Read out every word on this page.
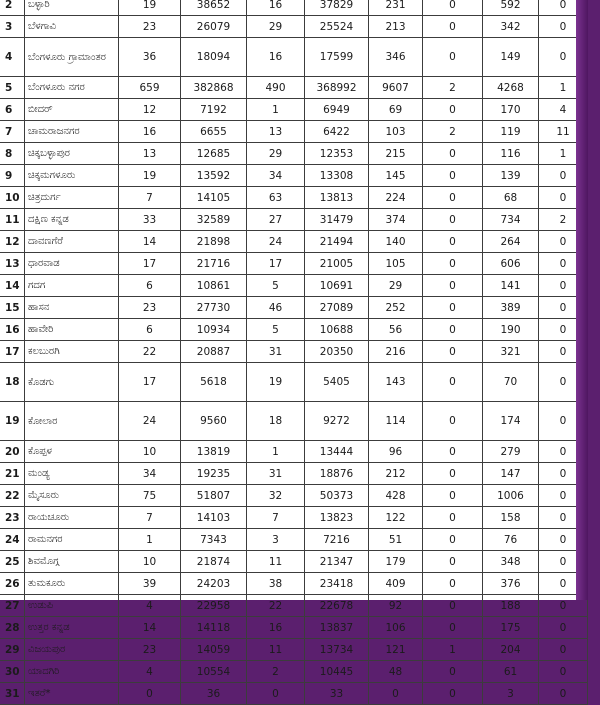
2	ಬಳ್ಳಾರಿ	19	38652	16	37829	231	0	592	0
3	ಬೆಳಗಾವಿ	23	26079	29	25524	213	0	342	0
4	ಬೆಂಗಳೂರು ಗ್ರಾಮಾಂತರ	36	18094	16	17599	346	0	149	0
5	ಬೆಂಗಳೂರು ನಗರ	659	382868	490	368992	9607	2	4268	1
6	ಬೀದರ್	12	7192	1	6949	69	0	170	4
7	ಚಾಮರಾಜನಗರ	16	6655	13	6422	103	2	119	11
8	ಚಿಕ್ಕಬಳ್ಳಾಪುರ	13	12685	29	12353	215	0	116	1
9	ಚಿಕ್ಕಮಗಳೂರು	19	13592	34	13308	145	0	139	0
10	ಚಿತ್ರದುರ್ಗ	7	14105	63	13813	224	0	68	0
11	ದಕ್ಷಿಣ ಕನ್ನಡ	33	32589	27	31479	374	0	734	2
12	ದಾವಣಗೆರೆ	14	21898	24	21494	140	0	264	0
13	ಧಾರವಾಡ	17	21716	17	21005	105	0	606	0
14	ಗದಗ	6	10861	5	10691	29	0	141	0
15	ಹಾಸನ	23	27730	46	27089	252	0	389	0
16	ಹಾವೇರಿ	6	10934	5	10688	56	0	190	0
17	ಕಲಬುರಗಿ	22	20887	31	20350	216	0	321	0
18	ಕೊಡಗು	17	5618	19	5405	143	0	70	0
19	ಕೋಲಾರ	24	9560	18	9272	114	0	174	0
20	ಕೊಪ್ಪಳ	10	13819	1	13444	96	0	279	0
21	ಮಂಡ್ಯ	34	19235	31	18876	212	0	147	0
22	ಮೈಸೂರು	75	51807	32	50373	428	0	1006	0
23	ರಾಯಚೂರು	7	14103	7	13823	122	0	158	0
24	ರಾಮನಗರ	1	7343	3	7216	51	0	76	0
25	ಶಿವಮೊಗ್ಗ	10	21874	11	21347	179	0	348	0
26	ತುಮಕೂರು	39	24203	38	23418	409	0	376	0
27	ಉಡುಪಿ	4	22958	22	22678	92	0	188	0
28	ಉತ್ತರ ಕನ್ನಡ	14	14118	16	13837	106	0	175	0
29	ವಿಜಯಪುರ	23	14059	11	13734	121	1	204	0
30	ಯಾದಗಿರಿ	4	10554	2	10445	48	0	61	0
31	ಇತರೆ*	0	36	0	33	0	0	3	0
